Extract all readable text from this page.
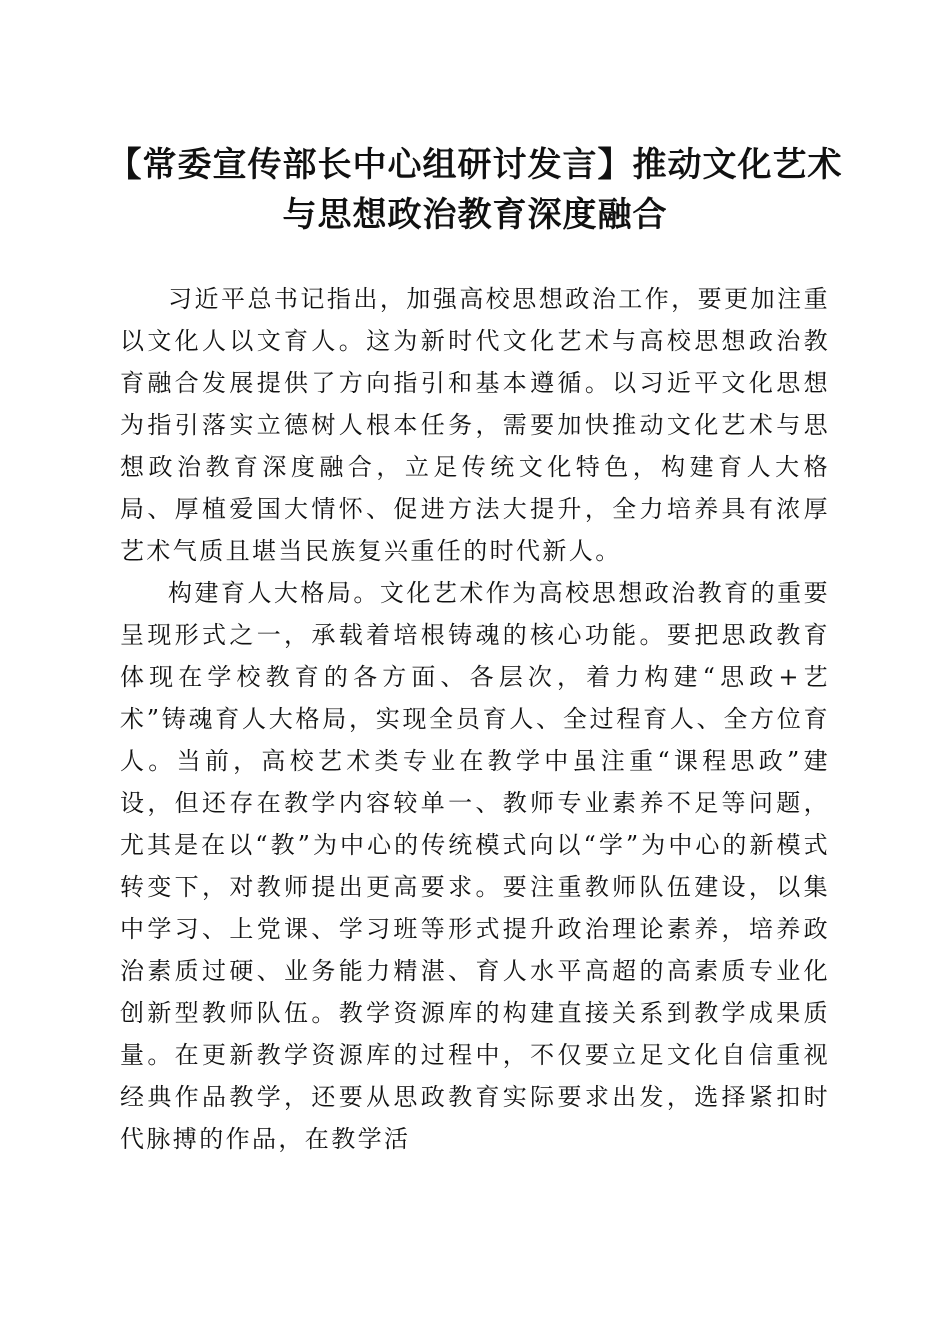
【常委宣传部长中心组研讨发言】推动文化艺术与思想政治教育深度融合

习近平总书记指出，加强高校思想政治工作，要更加注重以文化人以文育人。这为新时代文化艺术与高校思想政治教育融合发展提供了方向指引和基本遵循。以习近平文化思想为指引落实立德树人根本任务，需要加快推动文化艺术与思想政治教育深度融合，立足传统文化特色，构建育人大格局、厚植爱国大情怀、促进方法大提升，全力培养具有浓厚艺术气质且堪当民族复兴重任的时代新人。

构建育人大格局。文化艺术作为高校思想政治教育的重要呈现形式之一，承载着培根铸魂的核心功能。要把思政教育体现在学校教育的各方面、各层次，着力构建“思政+艺术”铸魂育人大格局，实现全员育人、全过程育人、全方位育人。当前，高校艺术类专业在教学中虽注重“课程思政”建设，但还存在教学内容较单一、教师专业素养不足等问题，尤其是在以“教”为中心的传统模式向以“学”为中心的新模式转变下，对教师提出更高要求。要注重教师队伍建设，以集中学习、上党课、学习班等形式提升政治理论素养，培养政治素质过硬、业务能力精湛、育人水平高超的高素质专业化创新型教师队伍。教学资源库的构建直接关系到教学成果质量。在更新教学资源库的过程中，不仅要立足文化自信重视经典作品教学，还要从思政教育实际要求出发，选择紧扣时代脉搏的作品，在教学活
